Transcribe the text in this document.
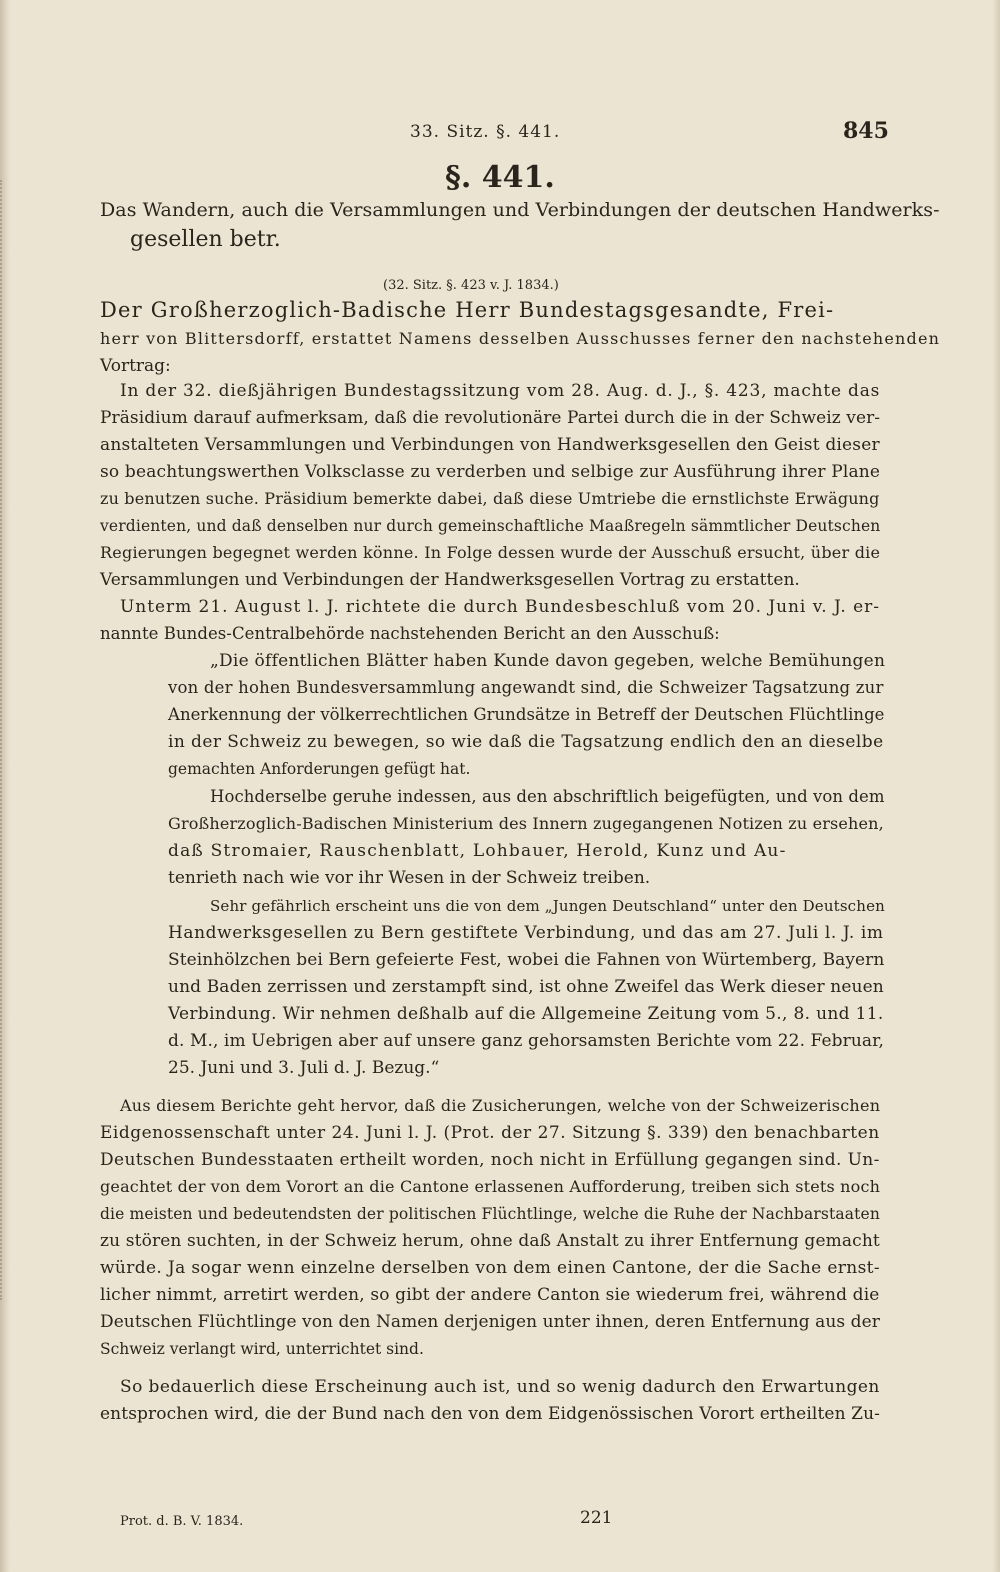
33. Sitz. §. 441.	845
§. 441.
Das Wandern, auch die Versammlungen und Verbindungen der deutschen Handwerks-
gesellen betr.
(32. Sitz. §. 423 v. J. 1834.)
Der Großherzoglich-Badische Herr Bundestagsgesandte, Frei-
herr von Blittersdorff, erstattet Namens desselben Ausschusses ferner den nachstehenden
Vortrag:
In der 32. dießjährigen Bundestagssitzung vom 28. Aug. d. J., §. 423, machte das
Präsidium darauf aufmerksam, daß die revolutionäre Partei durch die in der Schweiz ver-
anstalteten Versammlungen und Verbindungen von Handwerksgesellen den Geist dieser
so beachtungswerthen Volksclasse zu verderben und selbige zur Ausführung ihrer Plane
zu benutzen suche. Präsidium bemerkte dabei, daß diese Umtriebe die ernstlichste Erwägung
verdienten, und daß denselben nur durch gemeinschaftliche Maaßregeln sämmtlicher Deutschen
Regierungen begegnet werden könne. In Folge dessen wurde der Ausschuß ersucht, über die
Versammlungen und Verbindungen der Handwerksgesellen Vortrag zu erstatten.
Unterm 21. August l. J. richtete die durch Bundesbeschluß vom 20. Juni v. J. er-
nannte Bundes-Centralbehörde nachstehenden Bericht an den Ausschuß:
„Die öffentlichen Blätter haben Kunde davon gegeben, welche Bemühungen
von der hohen Bundesversammlung angewandt sind, die Schweizer Tagsatzung zur
Anerkennung der völkerrechtlichen Grundsätze in Betreff der Deutschen Flüchtlinge
in der Schweiz zu bewegen, so wie daß die Tagsatzung endlich den an dieselbe
gemachten Anforderungen gefügt hat.
Hochderselbe geruhe indessen, aus den abschriftlich beigefügten, und von dem
Großherzoglich-Badischen Ministerium des Innern zugegangenen Notizen zu ersehen,
daß Stromaier, Rauschenblatt, Lohbauer, Herold, Kunz und Au-
tenrieth nach wie vor ihr Wesen in der Schweiz treiben.
Sehr gefährlich erscheint uns die von dem „Jungen Deutschland“ unter den Deutschen
Handwerksgesellen zu Bern gestiftete Verbindung, und das am 27. Juli l. J. im
Steinhölzchen bei Bern gefeierte Fest, wobei die Fahnen von Würtemberg, Bayern
und Baden zerrissen und zerstampft sind, ist ohne Zweifel das Werk dieser neuen
Verbindung. Wir nehmen deßhalb auf die Allgemeine Zeitung vom 5., 8. und 11.
d. M., im Uebrigen aber auf unsere ganz gehorsamsten Berichte vom 22. Februar,
25. Juni und 3. Juli d. J. Bezug.“
Aus diesem Berichte geht hervor, daß die Zusicherungen, welche von der Schweizerischen
Eidgenossenschaft unter 24. Juni l. J. (Prot. der 27. Sitzung §. 339) den benachbarten
Deutschen Bundesstaaten ertheilt worden, noch nicht in Erfüllung gegangen sind. Un-
geachtet der von dem Vorort an die Cantone erlassenen Aufforderung, treiben sich stets noch
die meisten und bedeutendsten der politischen Flüchtlinge, welche die Ruhe der Nachbarstaaten
zu stören suchten, in der Schweiz herum, ohne daß Anstalt zu ihrer Entfernung gemacht
würde. Ja sogar wenn einzelne derselben von dem einen Cantone, der die Sache ernst-
licher nimmt, arretirt werden, so gibt der andere Canton sie wiederum frei, während die
Deutschen Flüchtlinge von den Namen derjenigen unter ihnen, deren Entfernung aus der
Schweiz verlangt wird, unterrichtet sind.
So bedauerlich diese Erscheinung auch ist, und so wenig dadurch den Erwartungen
entsprochen wird, die der Bund nach den von dem Eidgenössischen Vorort ertheilten Zu-
Prot. d. B. V. 1834.	221
